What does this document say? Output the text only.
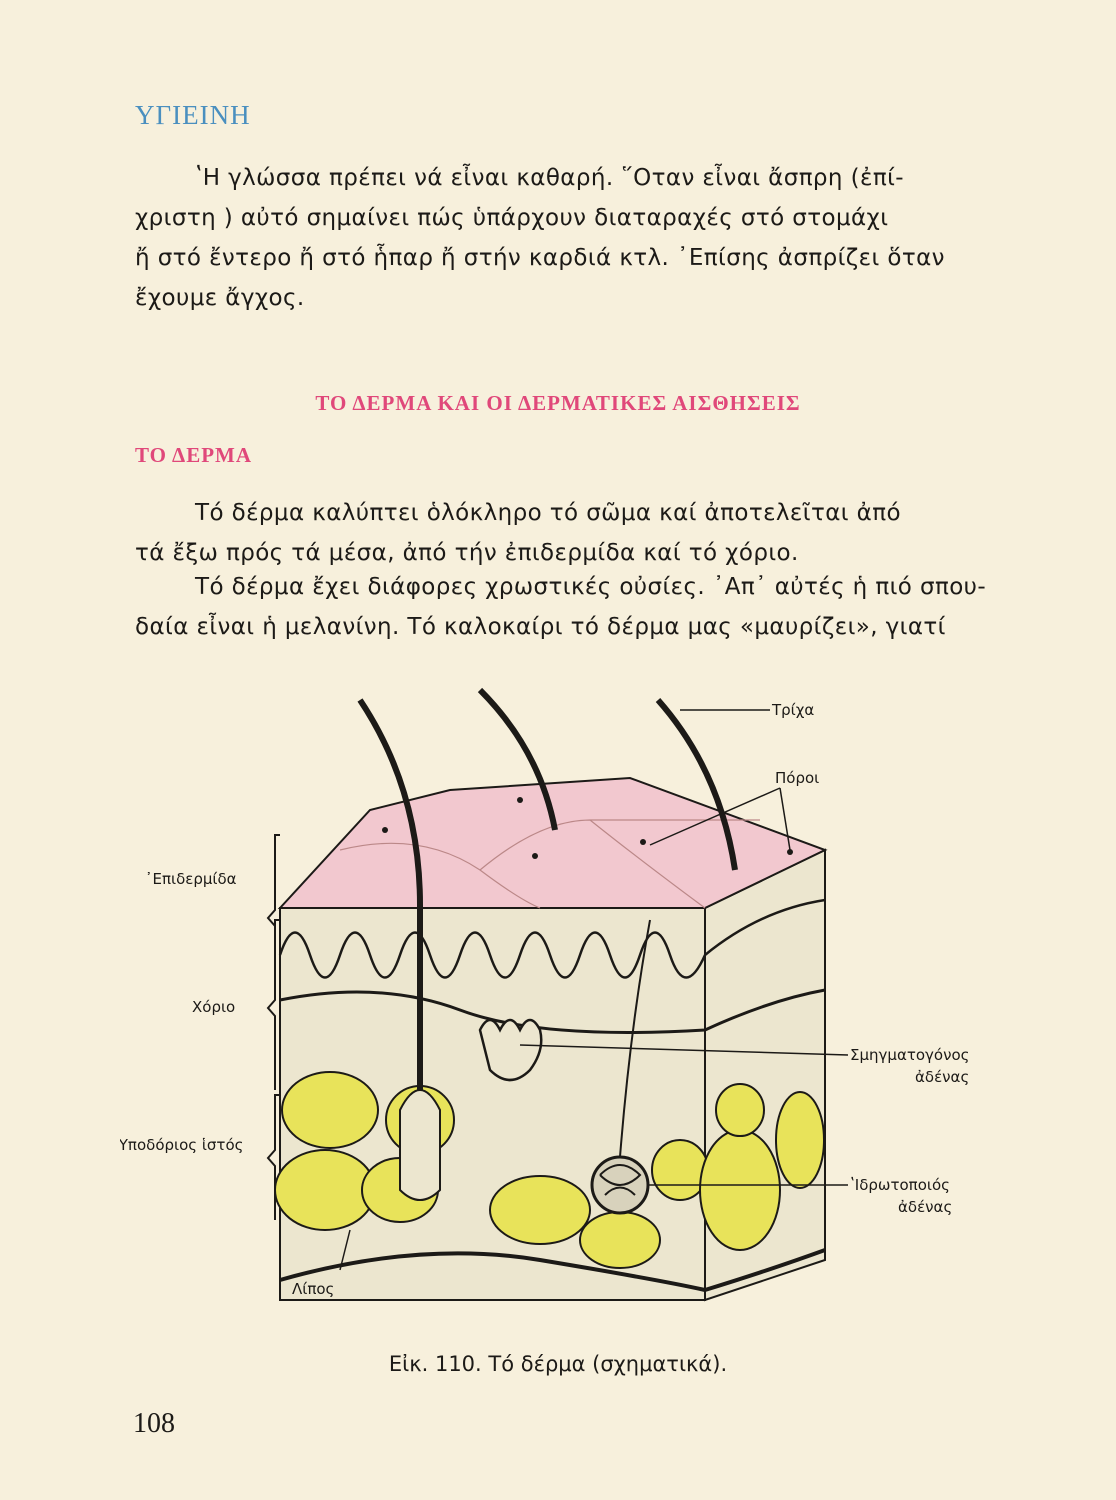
ΥΓΙΕΙΝΗ
ʽΗ γλώσσα πρέπει νά εἶναι καθαρή. ῞Οταν εἶναι ἄσπρη (ἐπί-
χριστη ) αὐτό σημαίνει πώς ὑπάρχουν διαταραχές στό στομάχι
ἤ στό ἔντερο ἤ στό ἧπαρ ἤ στήν καρδιά κτλ. ᾿Επίσης ἀσπρίζει ὅταν
ἔχουμε ἄγχος.
ΤΟ ΔΕΡΜΑ ΚΑΙ ΟΙ ΔΕΡΜΑΤΙΚΕΣ ΑΙΣΘΗΣΕΙΣ
ΤΟ ΔΕΡΜΑ
Τό δέρμα καλύπτει ὁλόκληρο τό σῶμα καί ἀποτελεῖται ἀπό
τά ἔξω πρός τά μέσα, ἀπό τήν ἐπιδερμίδα καί τό χόριο.
Τό δέρμα ἔχει διάφορες χρωστικές οὐσίες. ᾿Απ᾿ αὐτές ἡ πιό σπου-
δαία εἶναι ἡ μελανίνη. Τό καλοκαίρι τό δέρμα μας «μαυρίζει», γιατί
Τρίχα
Πόροι
᾿Επιδερμίδα
Χόριο
ʽΥποδόριος ἱστός
Λίπος
Σμηγματογόνος
ἀδένας
ʽΙδρωτοποιός
ἀδένας
Εἰκ. 110. Τό δέρμα (σχηματικά).
108
